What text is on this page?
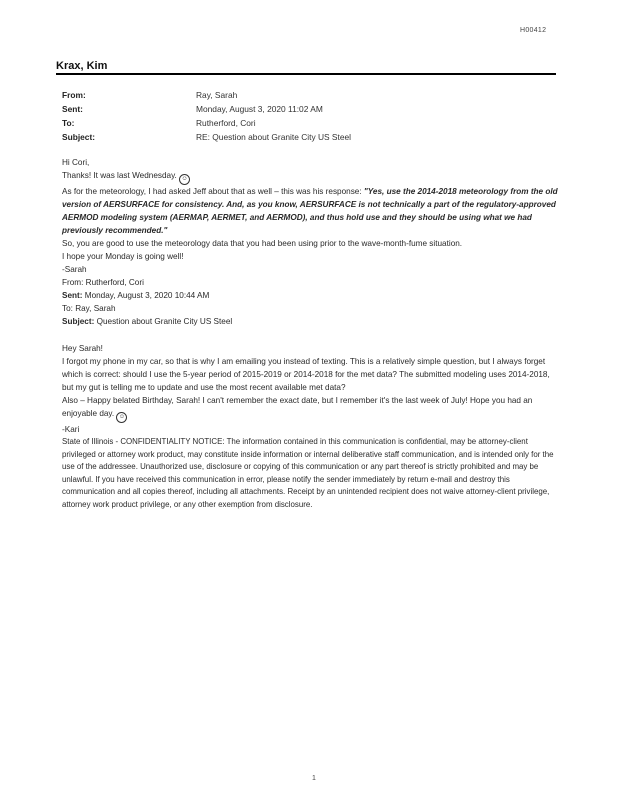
H00412
Krax, Kim
From:	Ray, Sarah
Sent:	Monday, August 3, 2020 11:02 AM
To:	Rutherford, Cori
Subject:	RE: Question about Granite City US Steel

Hi Cori,

Thanks! It was last Wednesday. ☺

As for the meteorology, I had asked Jeff about that as well – this was his response: "Yes, use the 2014-2018 meteorology from the old version of AERSURFACE for consistency. And, as you know, AERSURFACE is not technically a part of the regulatory-approved AERMOD modeling system (AERMAP, AERMET, and AERMOD), and thus hold use and they should be using what we had previously recommended."

So, you are good to use the meteorology data that you had been using prior to the wave-month-fume situation.

I hope your Monday is going well!

-Sarah

From: Rutherford, Cori
Sent: Monday, August 3, 2020 10:44 AM
To: Ray, Sarah
Subject: Question about Granite City US Steel

Hey Sarah!

I forgot my phone in my car, so that is why I am emailing you instead of texting. This is a relatively simple question, but I always forget which is correct: should I use the 5-year period of 2015-2019 or 2014-2018 for the met data? The submitted modeling uses 2014-2018, but my gut is telling me to update and use the most recent available met data?

Also – Happy belated Birthday, Sarah! I can't remember the exact date, but I remember it's the last week of July! Hope you had an enjoyable day. ☺

-Kari

State of Illinois - CONFIDENTIALITY NOTICE: The information contained in this communication is confidential, may be attorney-client privileged or attorney work product, may constitute inside information or internal deliberative staff communication, and is intended only for the use of the addressee. Unauthorized use, disclosure or copying of this communication or any part thereof is strictly prohibited and may be unlawful. If you have received this communication in error, please notify the sender immediately by return e-mail and destroy this communication and all copies thereof, including all attachments. Receipt by an unintended recipient does not waive attorney-client privilege, attorney work product privilege, or any other exemption from disclosure.

1
